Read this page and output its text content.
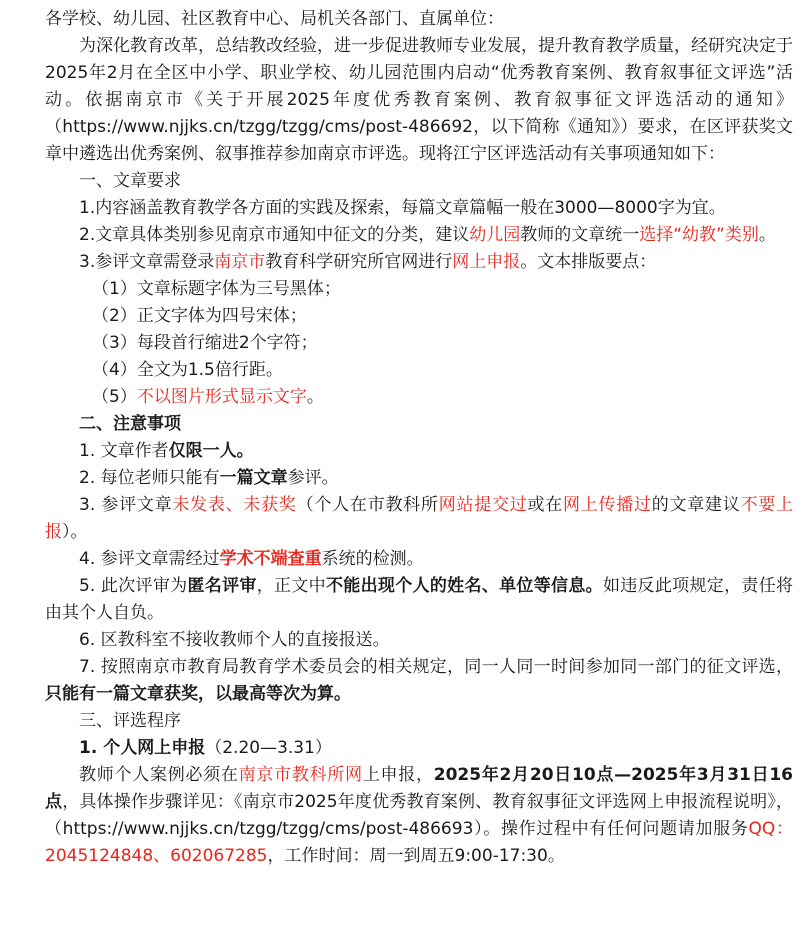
各学校、幼儿园、社区教育中心、局机关各部门、直属单位：

为深化教育改革，总结教改经验，进一步促进教师专业发展，提升教育教学质量，经研究决定于2025年2月在全区中小学、职业学校、幼儿园范围内启动“优秀教育案例、教育叙事征文评选”活动。依据南京市《关于开展2025年度优秀教育案例、教育叙事征文评选活动的通知》（https://www.njjks.cn/tzgg/tzgg/cms/post-486692，以下简称《通知》）要求，在区评获奖文章中遴选出优秀案例、叙事推荐参加南京市评选。现将江宁区评选活动有关事项通知如下：

一、文章要求

1.内容涵盖教育教学各方面的实践及探索，每篇文章篇幅一般在3000—8000字为宜。

2.文章具体类别参见南京市通知中征文的分类，建议幼儿园教师的文章统一选择“幼教”类别。

3.参评文章需登录南京市教育科学研究所官网进行网上申报。文本排版要点：

（1）文章标题字体为三号黑体；

（2）正文字体为四号宋体；

（3）每段首行缩进2个字符；

（4）全文为1.5倍行距。

（5）不以图片形式显示文字。

二、注意事项

1. 文章作者仅限一人。

2. 每位老师只能有一篇文章参评。

3. 参评文章未发表、未获奖（个人在市教科所网站提交过或在网上传播过的文章建议不要上报）。

4. 参评文章需经过学术不端查重系统的检测。

5. 此次评审为匿名评审，正文中不能出现个人的姓名、单位等信息。如违反此项规定，责任将由其个人自负。

6. 区教科室不接收教师个人的直接报送。

7. 按照南京市教育局教育学术委员会的相关规定，同一人同一时间参加同一部门的征文评选，只能有一篇文章获奖，以最高等次为算。

三、评选程序

1. 个人网上申报（2.20—3.31）

教师个人案例必须在南京市教科所网上申报，2025年2月20日10点—2025年3月31日16点，具体操作步骤详见：《南京市2025年度优秀教育案例、教育叙事征文评选网上申报流程说明》，（https://www.njjks.cn/tzgg/tzgg/cms/post-486693）。操作过程中有任何问题请加服务QQ：2045124848、602067285，工作时间：周一到周五9:00-17:30。
